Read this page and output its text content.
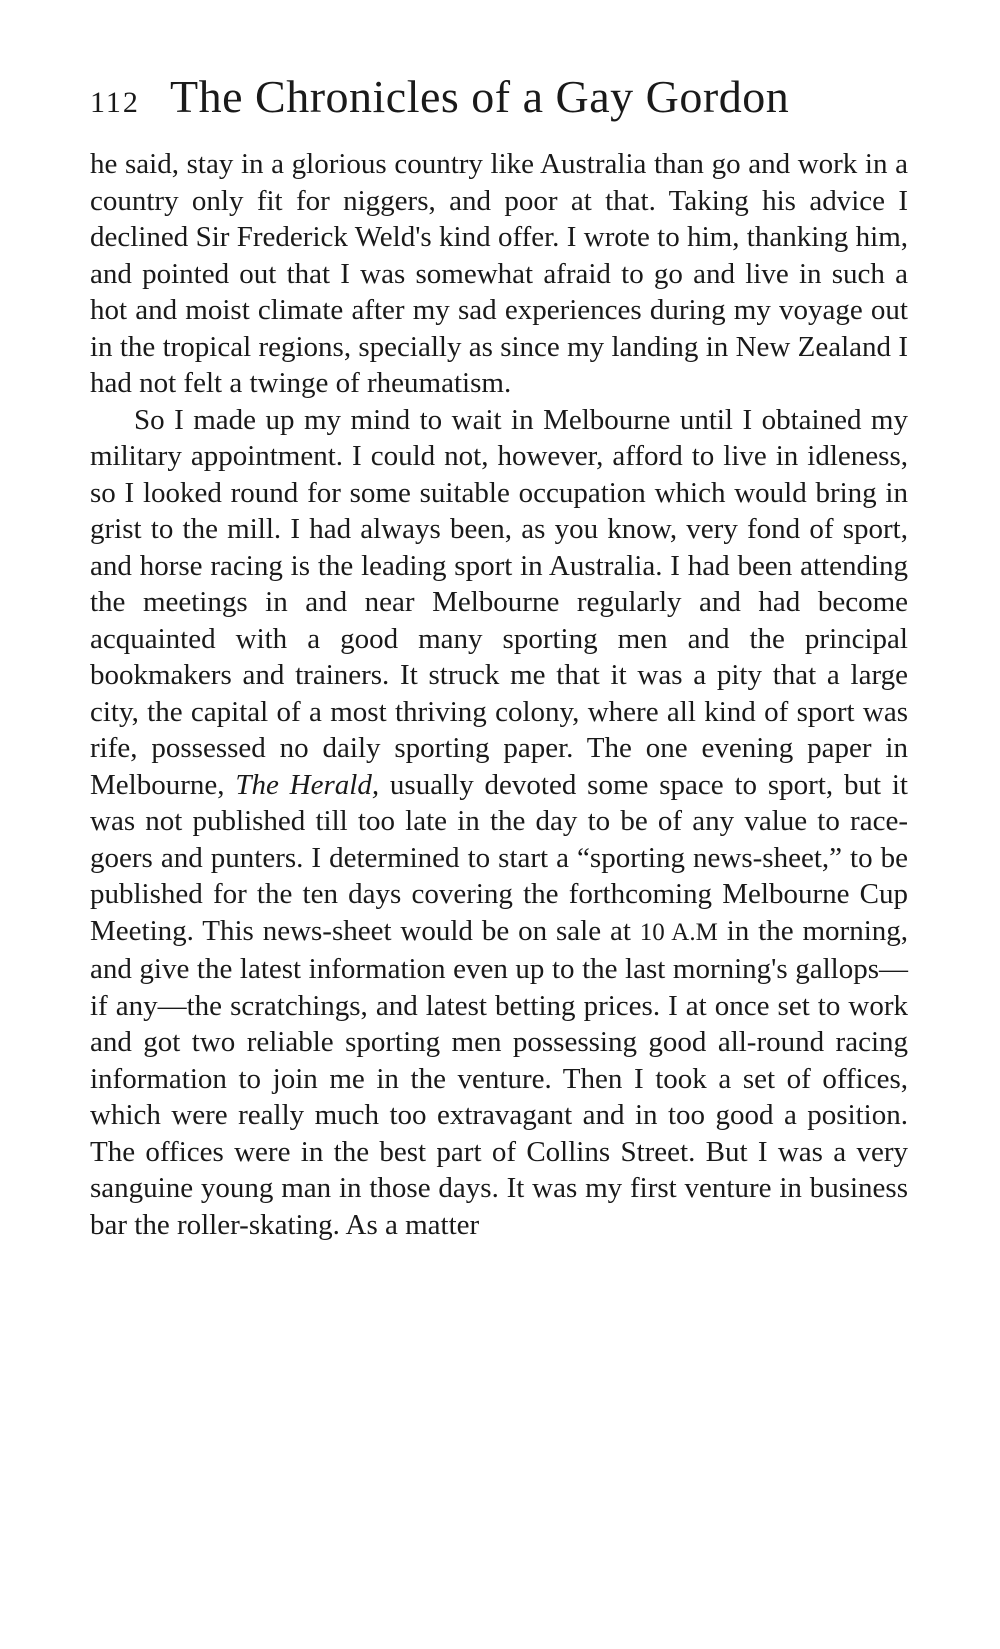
112 The Chronicles of a Gay Gordon

he said, stay in a glorious country like Australia than go and work in a country only fit for niggers, and poor at that. Taking his advice I declined Sir Frederick Weld's kind offer. I wrote to him, thanking him, and pointed out that I was somewhat afraid to go and live in such a hot and moist climate after my sad experiences during my voyage out in the tropical regions, specially as since my landing in New Zealand I had not felt a twinge of rheumatism.

So I made up my mind to wait in Melbourne until I obtained my military appointment. I could not, however, afford to live in idleness, so I looked round for some suitable occupation which would bring in grist to the mill. I had always been, as you know, very fond of sport, and horse racing is the leading sport in Australia. I had been attending the meetings in and near Melbourne regularly and had become acquainted with a good many sporting men and the principal bookmakers and trainers. It struck me that it was a pity that a large city, the capital of a most thriving colony, where all kind of sport was rife, possessed no daily sporting paper. The one evening paper in Melbourne, The Herald, usually devoted some space to sport, but it was not published till too late in the day to be of any value to race-goers and punters. I determined to start a “sporting news-sheet,” to be published for the ten days covering the forthcoming Melbourne Cup Meeting. This news-sheet would be on sale at 10 A.M in the morning, and give the latest information even up to the last morning's gallops—if any—the scratchings, and latest betting prices. I at once set to work and got two reliable sporting men possessing good all-round racing information to join me in the venture. Then I took a set of offices, which were really much too extravagant and in too good a position. The offices were in the best part of Collins Street. But I was a very sanguine young man in those days. It was my first venture in business bar the roller-skating. As a matter
